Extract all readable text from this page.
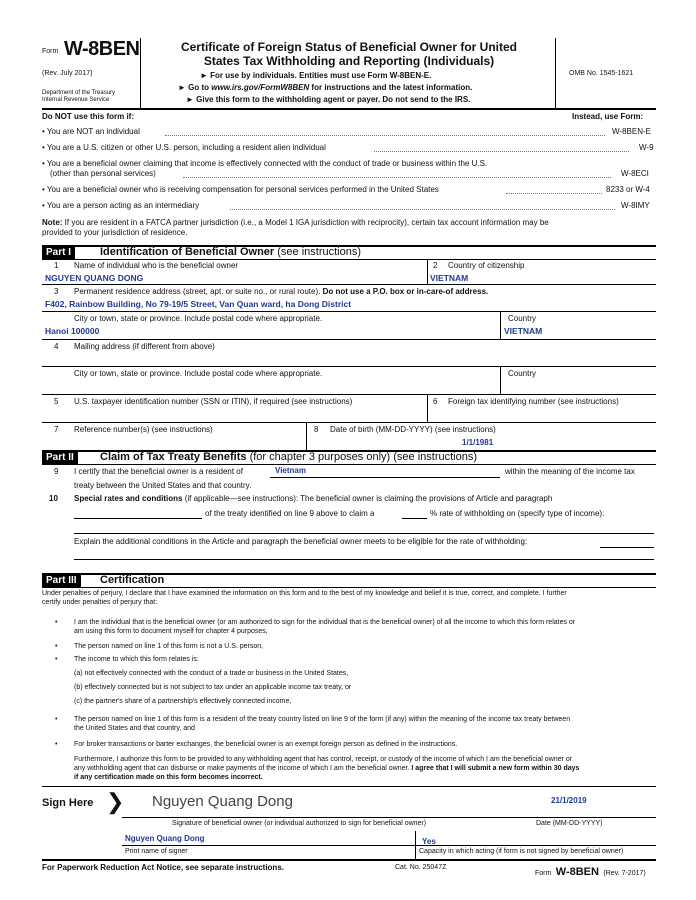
Form W-8BEN
(Rev. July 2017)
Department of the Treasury
Internal Revenue Service
Certificate of Foreign Status of Beneficial Owner for United
States Tax Withholding and Reporting (Individuals)
► For use by individuals. Entities must use Form W-8BEN-E.
► Go to www.irs.gov/FormW8BEN for instructions and the latest information.
► Give this form to the withholding agent or payer. Do not send to the IRS.
OMB No. 1545-1621
Do NOT use this form if:	Instead, use Form:
• You are NOT an individual	W-8BEN-E
• You are a U.S. citizen or other U.S. person, including a resident alien individual	W-9
• You are a beneficial owner claiming that income is effectively connected with the conduct of trade or business within the U.S.
(other than personal services)	W-8ECI
• You are a beneficial owner who is receiving compensation for personal services performed in the United States	8233 or W-4
• You are a person acting as an intermediary	W-8IMY
Note: If you are resident in a FATCA partner jurisdiction (i.e., a Model 1 IGA jurisdiction with reciprocity), certain tax account information may be
provided to your jurisdiction of residence.
Part I	Identification of Beneficial Owner (see instructions)
1 Name of individual who is the beneficial owner
NGUYEN QUANG DONG
2 Country of citizenship
VIETNAM
3 Permanent residence address (street, apt. or suite no., or rural route). Do not use a P.O. box or in-care-of address.
F402, Rainbow Building, No 79-19/5 Street, Van Quan ward, ha Dong District
City or town, state or province. Include postal code where appropriate.
Hanoi 100000
Country
VIETNAM
4 Mailing address (if different from above)
City or town, state or province. Include postal code where appropriate.	Country
5 U.S. taxpayer identification number (SSN or ITIN), if required (see instructions)	6 Foreign tax identifying number (see instructions)
7 Reference number(s) (see instructions)	8 Date of birth (MM-DD-YYYY) (see instructions)
1/1/1981
Part II	Claim of Tax Treaty Benefits (for chapter 3 purposes only) (see instructions)
9 I certify that the beneficial owner is a resident of	Vietnam	within the meaning of the income tax
treaty between the United States and that country.
10 Special rates and conditions (if applicable—see instructions): The beneficial owner is claiming the provisions of Article and paragraph
of the treaty identified on line 9 above to claim a	% rate of withholding on (specify type of income):
Explain the additional conditions in the Article and paragraph the beneficial owner meets to be eligible for the rate of withholding:
Part III	Certification
Under penalties of perjury, I declare that I have examined the information on this form and to the best of my knowledge and belief it is true, correct, and complete. I further
certify under penalties of perjury that:
• I am the individual that is the beneficial owner (or am authorized to sign for the individual that is the beneficial owner) of all the income to which this form relates or
am using this form to document myself for chapter 4 purposes,
• The person named on line 1 of this form is not a U.S. person,
• The income to which this form relates is:
(a) not effectively connected with the conduct of a trade or business in the United States,
(b) effectively connected but is not subject to tax under an applicable income tax treaty, or
(c) the partner's share of a partnership's effectively connected income,
• The person named on line 1 of this form is a resident of the treaty country listed on line 9 of the form (if any) within the meaning of the income tax treaty between
the United States and that country, and
• For broker transactions or barter exchanges, the beneficial owner is an exempt foreign person as defined in the instructions.
Furthermore, I authorize this form to be provided to any withholding agent that has control, receipt, or custody of the income of which I am the beneficial owner or
any withholding agent that can disburse or make payments of the income of which I am the beneficial owner. I agree that I will submit a new form within 30 days
if any certification made on this form becomes incorrect.
Sign Here ❯ Nguyen Quang Dong	21/1/2019
Signature of beneficial owner (or individual authorized to sign for beneficial owner)	Date (MM-DD-YYYY)
Nguyen Quang Dong	Yes
Print name of signer	Capacity in which acting (if form is not signed by beneficial owner)
For Paperwork Reduction Act Notice, see separate instructions.	Cat. No. 25047Z
Form W-8BEN (Rev. 7-2017)
